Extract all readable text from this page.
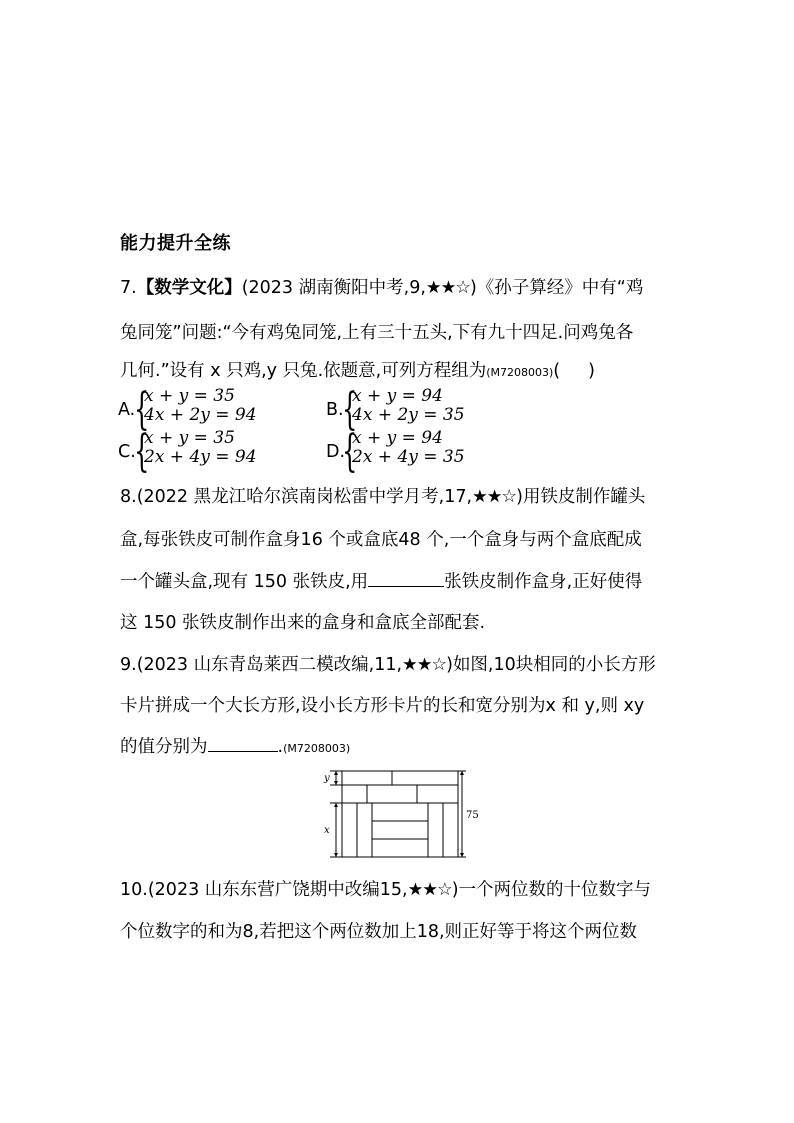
能力提升全练
7.【数学文化】(2023 湖南衡阳中考,9,★★☆)《孙子算经》中有“鸡
兔同笼”问题:“今有鸡兔同笼,上有三十五头,下有九十四足.问鸡兔各
几何.”设有 x 只鸡,y 只兔.依题意,可列方程组为(M7208003)( )
A.
{
x + y = 35
4x + 2y = 94	B.
{
x + y = 94
4x + 2y = 35
C.
{
x + y = 35
2x + 4y = 94	D.
{
x + y = 94
2x + 4y = 35
8.(2022 黑龙江哈尔滨南岗松雷中学月考,17,★★☆)用铁皮制作罐头
盒,每张铁皮可制作盒身16 个或盒底48 个,一个盒身与两个盒底配成
一个罐头盒,现有 150 张铁皮,用	张铁皮制作盒身,正好使得
这 150 张铁皮制作出来的盒身和盒底全部配套.
9.(2023 山东青岛莱西二模改编,11,★★☆)如图,10块相同的小长方形
卡片拼成一个大长方形,设小长方形卡片的长和宽分别为x 和 y,则 xy
的值分别为	.(M7208003)
y
x
75
10.(2023 山东东营广饶期中改编15,★★☆)一个两位数的十位数字与
个位数字的和为8,若把这个两位数加上18,则正好等于将这个两位数
